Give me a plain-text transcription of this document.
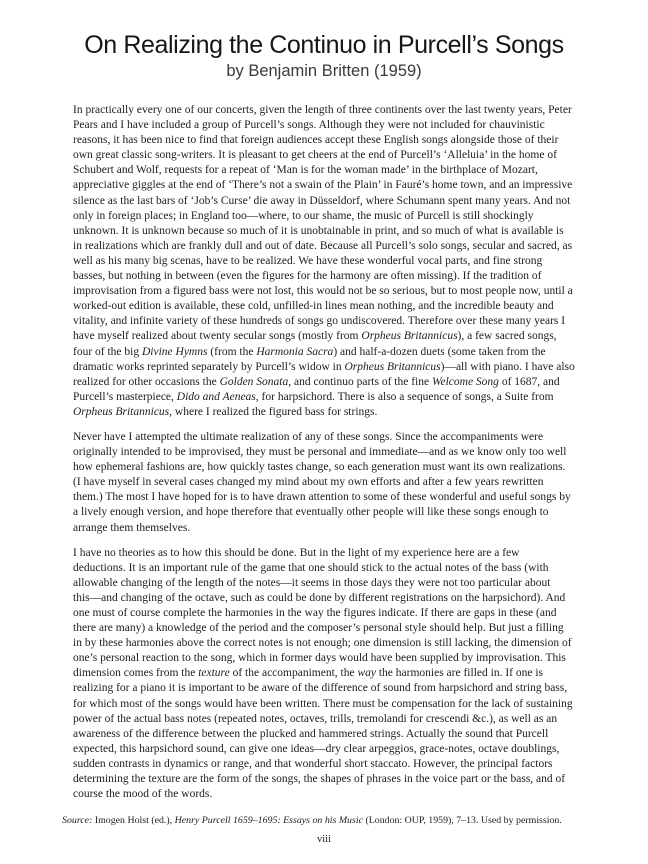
On Realizing the Continuo in Purcell’s Songs
by Benjamin Britten (1959)
In practically every one of our concerts, given the length of three continents over the last twenty years, Peter
Pears and I have included a group of Purcell’s songs. Although they were not included for chauvinistic
reasons, it has been nice to find that foreign audiences accept these English songs alongside those of their
own great classic song-writers. It is pleasant to get cheers at the end of Purcell’s ‘Alleluia’ in the home of
Schubert and Wolf, requests for a repeat of ‘Man is for the woman made’ in the birthplace of Mozart,
appreciative giggles at the end of ‘There’s not a swain of the Plain’ in Fauré’s home town, and an impressive
silence as the last bars of ‘Job’s Curse’ die away in Düsseldorf, where Schumann spent many years. And not
only in foreign places; in England too—where, to our shame, the music of Purcell is still shockingly
unknown. It is unknown because so much of it is unobtainable in print, and so much of what is available is
in realizations which are frankly dull and out of date. Because all Purcell’s solo songs, secular and sacred, as
well as his many big scenas, have to be realized. We have these wonderful vocal parts, and fine strong
basses, but nothing in between (even the figures for the harmony are often missing). If the tradition of
improvisation from a figured bass were not lost, this would not be so serious, but to most people now, until a
worked-out edition is available, these cold, unfilled-in lines mean nothing, and the incredible beauty and
vitality, and infinite variety of these hundreds of songs go undiscovered. Therefore over these many years I
have myself realized about twenty secular songs (mostly from Orpheus Britannicus), a few sacred songs,
four of the big Divine Hymns (from the Harmonia Sacra) and half-a-dozen duets (some taken from the
dramatic works reprinted separately by Purcell’s widow in Orpheus Britannicus)—all with piano. I have also
realized for other occasions the Golden Sonata, and continuo parts of the fine Welcome Song of 1687, and
Purcell’s masterpiece, Dido and Aeneas, for harpsichord. There is also a sequence of songs, a Suite from
Orpheus Britannicus, where I realized the figured bass for strings.
Never have I attempted the ultimate realization of any of these songs. Since the accompaniments were
originally intended to be improvised, they must be personal and immediate—and as we know only too well
how ephemeral fashions are, how quickly tastes change, so each generation must want its own realizations.
(I have myself in several cases changed my mind about my own efforts and after a few years rewritten
them.) The most I have hoped for is to have drawn attention to some of these wonderful and useful songs by
a lively enough version, and hope therefore that eventually other people will like these songs enough to
arrange them themselves.
I have no theories as to how this should be done. But in the light of my experience here are a few
deductions. It is an important rule of the game that one should stick to the actual notes of the bass (with
allowable changing of the length of the notes—it seems in those days they were not too particular about
this—and changing of the octave, such as could be done by different registrations on the harpsichord). And
one must of course complete the harmonies in the way the figures indicate. If there are gaps in these (and
there are many) a knowledge of the period and the composer’s personal style should help. But just a filling
in by these harmonies above the correct notes is not enough; one dimension is still lacking, the dimension of
one’s personal reaction to the song, which in former days would have been supplied by improvisation. This
dimension comes from the texture of the accompaniment, the way the harmonies are filled in. If one is
realizing for a piano it is important to be aware of the difference of sound from harpsichord and string bass,
for which most of the songs would have been written. There must be compensation for the lack of sustaining
power of the actual bass notes (repeated notes, octaves, trills, tremolandi for crescendi &c.), as well as an
awareness of the difference between the plucked and hammered strings. Actually the sound that Purcell
expected, this harpsichord sound, can give one ideas—dry clear arpeggios, grace-notes, octave doublings,
sudden contrasts in dynamics or range, and that wonderful short staccato. However, the principal factors
determining the texture are the form of the songs, the shapes of phrases in the voice part or the bass, and of
course the mood of the words.
Source: Imogen Holst (ed.), Henry Purcell 1659–1695: Essays on his Music (London: OUP, 1959), 7–13. Used by permission.
viii
